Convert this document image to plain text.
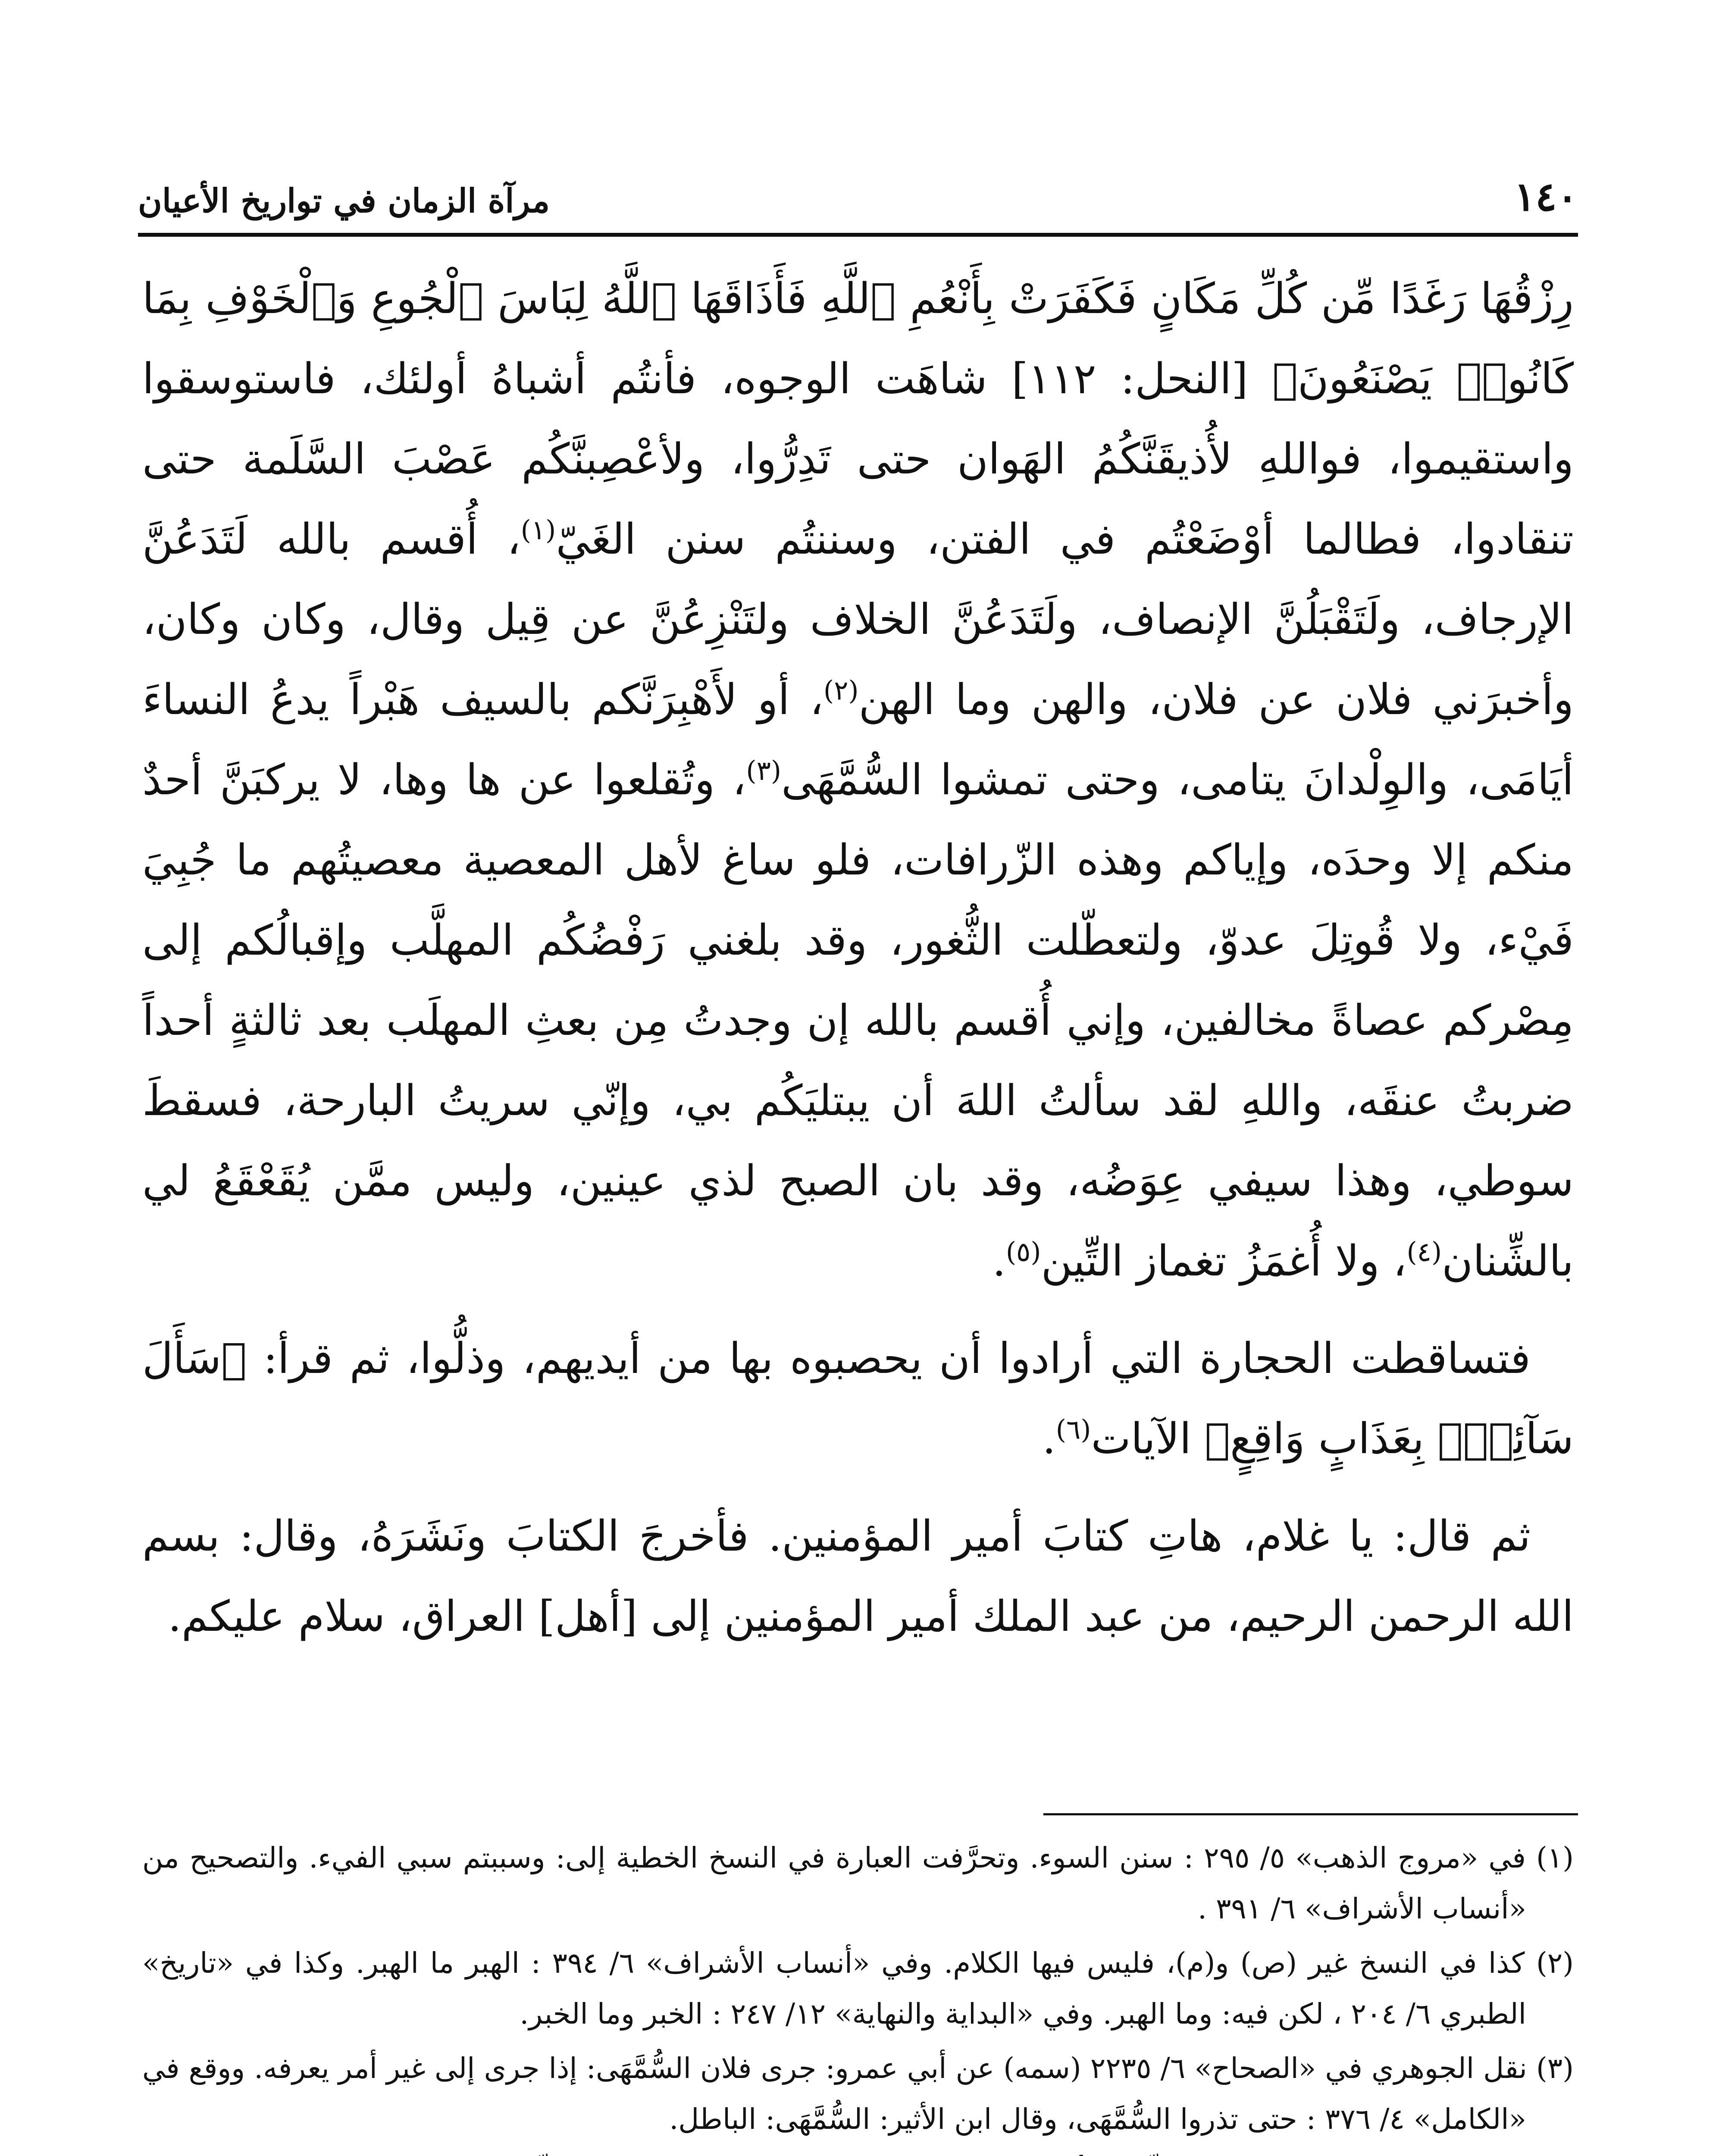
١٤٠
مرآة الزمان في تواريخ الأعيان

رِزْقُهَا رَغَدًا مِّن كُلِّ مَكَانٍ فَكَفَرَتْ بِأَنْعُمِ ٱللَّهِ فَأَذَاقَهَا ٱللَّهُ لِبَاسَ ٱلْجُوعِ وَٱلْخَوْفِ بِمَا كَانُوا۟ يَصْنَعُونَ﴾ [النحل: ١١٢] شاهَت الوجوه، فأنتُم أشباهُ أولئك، فاستوسقوا واستقيموا، فواللهِ لأُذيقَنَّكُمُ الهَوان حتى تَدِرُّوا، ولأعْصِبنَّكُم عَصْبَ السَّلَمة حتى تنقادوا، فطالما أوْضَعْتُم في الفتن، وسننتُم سنن الغَيّ$^{(١)}$، أُقسم بالله لَتَدَعُنَّ الإرجاف، ولَتَقْبَلُنَّ الإنصاف، ولَتَدَعُنَّ الخلاف ولتَنْزِعُنَّ عن قِيل وقال، وكان وكان، وأخبرَني فلان عن فلان، والهن وما الهن$^{(٢)}$، أو لأَهْبِرَنَّكم بالسيف هَبْراً يدعُ النساءَ أيَامَى، والوِلْدانَ يتامى، وحتى تمشوا السُّمَّهَى$^{(٣)}$، وتُقلعوا عن ها وها، لا يركبَنَّ أحدٌ منكم إلا وحدَه، وإياكم وهذه الزّرافات، فلو ساغ لأهل المعصية معصيتُهم ما جُبِيَ فَيْء، ولا قُوتِلَ عدوّ، ولتعطّلت الثُّغور، وقد بلغني رَفْضُكُم المهلَّب وإقبالُكم إلى مِصْركم عصاةً مخالفين، وإني أُقسم بالله إن وجدتُ مِن بعثِ المهلَب بعد ثالثةٍ أحداً ضربتُ عنقَه، واللهِ لقد سألتُ اللهَ أن يبتليَكُم بي، وإنّي سريتُ البارحة، فسقطَ سوطي، وهذا سيفي عِوَضُه، وقد بان الصبح لذي عينين، وليس ممَّن يُقَعْقَعُ لي بالشِّنان$^{(٤)}$، ولا أُغمَزُ تغماز التِّين$^{(٥)}$.

فتساقطت الحجارة التي أرادوا أن يحصبوه بها من أيديهم، وذلُّوا، ثم قرأ: ﴿سَأَلَ سَآئِلٌۢ بِعَذَابٍ وَاقِعٍ﴾ الآيات$^{(٦)}$.

ثم قال: يا غلام، هاتِ كتابَ أمير المؤمنين. فأخرجَ الكتابَ ونَشَرَهُ، وقال: بسم الله الرحمن الرحيم، من عبد الملك أمير المؤمنين إلى [أهل] العراق، سلام عليكم.

(١) في «مروج الذهب» ٥/ ٢٩٥ : سنن السوء. وتحرَّفت العبارة في النسخ الخطية إلى: وسببتم سبي الفيء. والتصحيح من «أنساب الأشراف» ٦/ ٣٩١ .

(٢) كذا في النسخ غير (ص) و(م)، فليس فيها الكلام. وفي «أنساب الأشراف» ٦/ ٣٩٤ : الهبر ما الهبر. وكذا في «تاريخ» الطبري ٦/ ٢٠٤ ، لكن فيه: وما الهبر. وفي «البداية والنهاية» ١٢/ ٢٤٧ : الخبر وما الخبر.

(٣) نقل الجوهري في «الصحاح» ٦/ ٢٢٣٥ (سمه) عن أبي عمرو: جرى فلان السُّمَّهَى: إذا جرى إلى غير أمر يعرفه. ووقع في «الكامل» ٤/ ٣٧٦ : حتى تذروا السُّمَّهَى، وقال ابن الأثير: السُّمَّهَى: الباطل.
